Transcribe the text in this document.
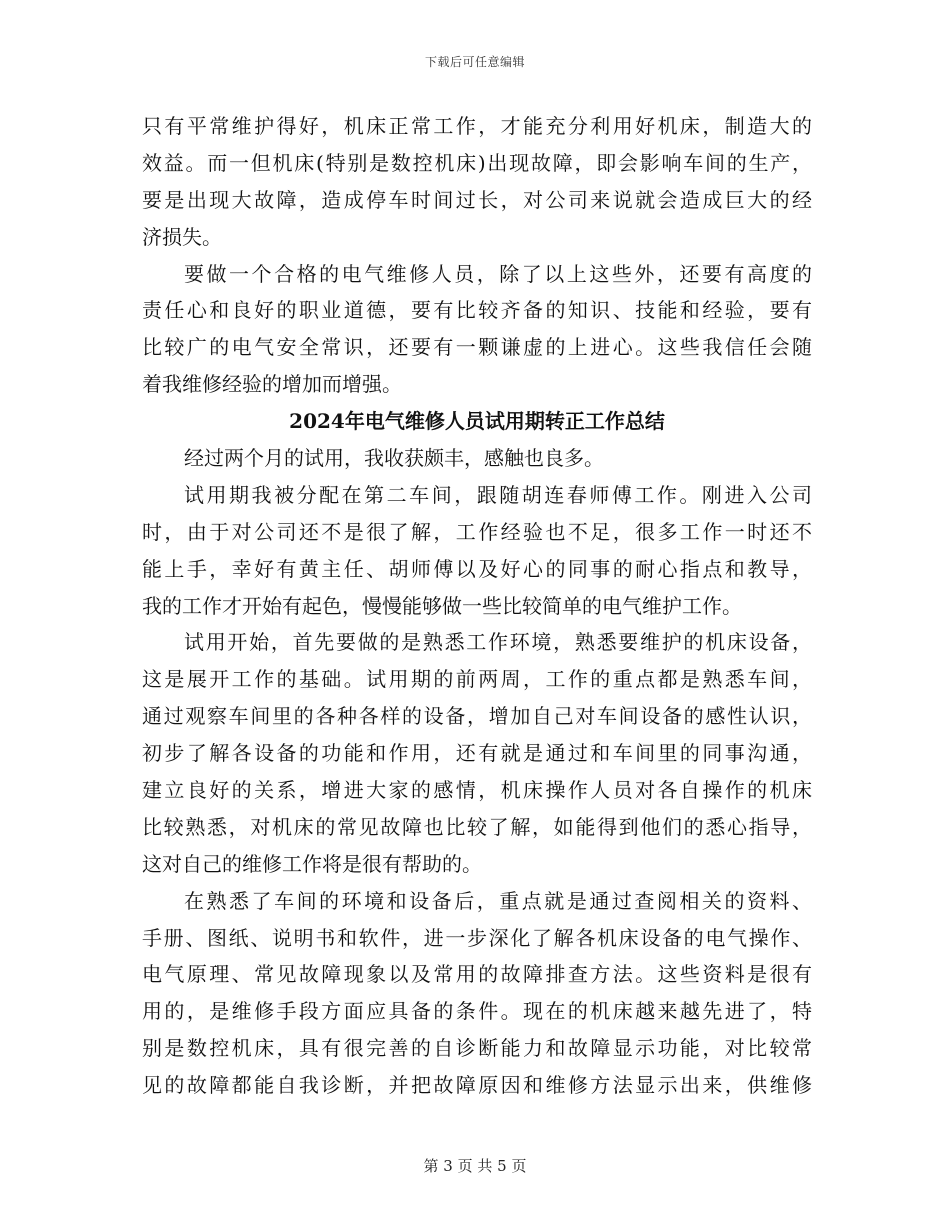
下载后可任意编辑
只有平常维护得好，机床正常工作，才能充分利用好机床，制造大的
效益。而一但机床(特别是数控机床)出现故障，即会影响车间的生产，
要是出现大故障，造成停车时间过长，对公司来说就会造成巨大的经
济损失。
要做一个合格的电气维修人员，除了以上这些外，还要有高度的
责任心和良好的职业道德，要有比较齐备的知识、技能和经验，要有
比较广的电气安全常识，还要有一颗谦虚的上进心。这些我信任会随
着我维修经验的增加而增强。
2024年电气维修人员试用期转正工作总结
经过两个月的试用，我收获颇丰，感触也良多。
试用期我被分配在第二车间，跟随胡连春师傅工作。刚进入公司
时，由于对公司还不是很了解，工作经验也不足，很多工作一时还不
能上手，幸好有黄主任、胡师傅以及好心的同事的耐心指点和教导，
我的工作才开始有起色，慢慢能够做一些比较简单的电气维护工作。
试用开始，首先要做的是熟悉工作环境，熟悉要维护的机床设备，
这是展开工作的基础。试用期的前两周，工作的重点都是熟悉车间，
通过观察车间里的各种各样的设备，增加自己对车间设备的感性认识，
初步了解各设备的功能和作用，还有就是通过和车间里的同事沟通，
建立良好的关系，增进大家的感情，机床操作人员对各自操作的机床
比较熟悉，对机床的常见故障也比较了解，如能得到他们的悉心指导，
这对自己的维修工作将是很有帮助的。
在熟悉了车间的环境和设备后，重点就是通过查阅相关的资料、
手册、图纸、说明书和软件，进一步深化了解各机床设备的电气操作、
电气原理、常见故障现象以及常用的故障排查方法。这些资料是很有
用的，是维修手段方面应具备的条件。现在的机床越来越先进了，特
别是数控机床，具有很完善的自诊断能力和故障显示功能，对比较常
见的故障都能自我诊断，并把故障原因和维修方法显示出来，供维修
第 3 页 共 5 页
